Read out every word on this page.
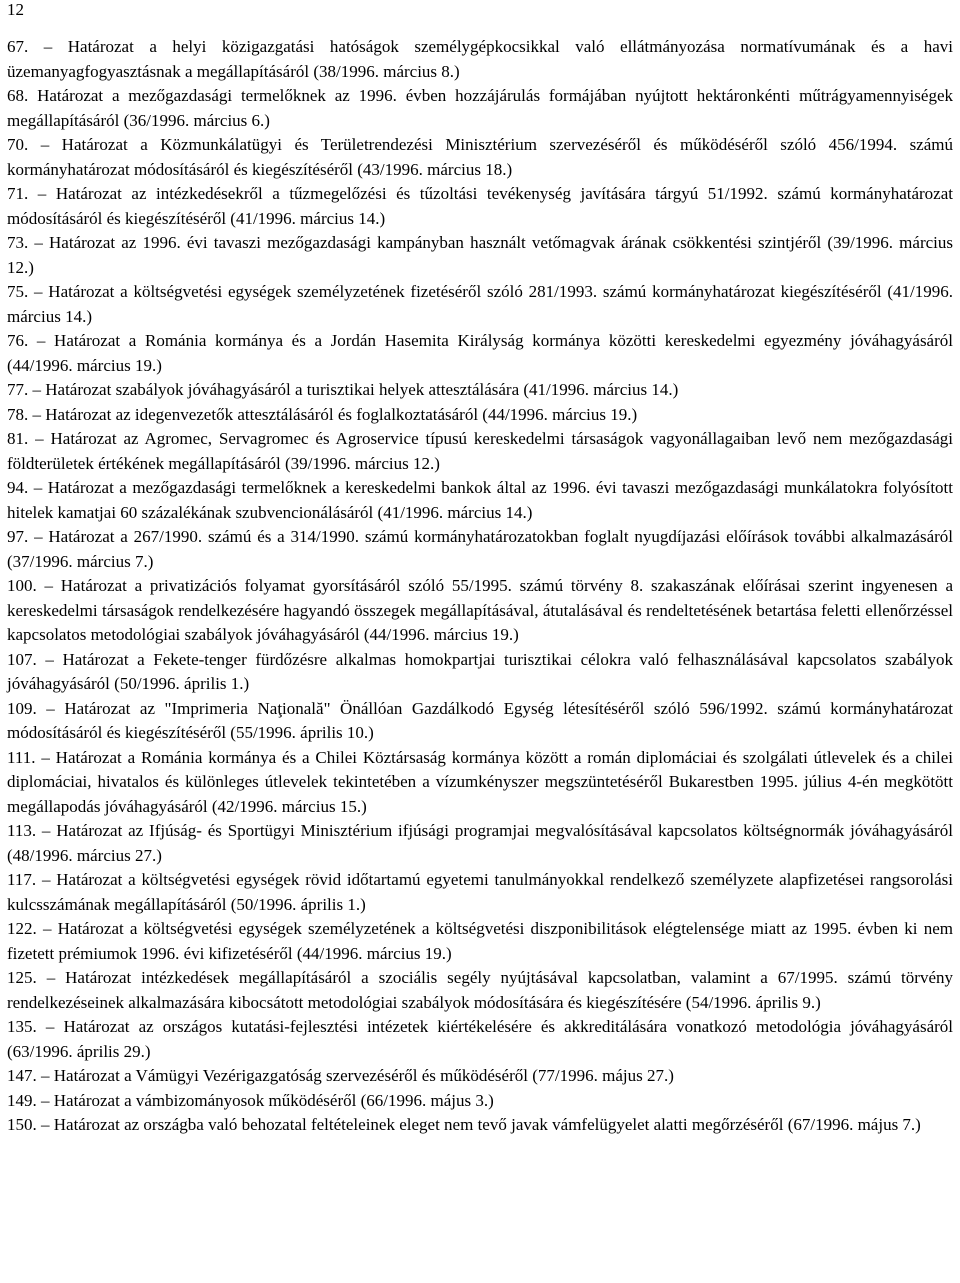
12

67. – Határozat a helyi közigazgatási hatóságok személygépkocsikkal való ellátmányozása normatívumának és a havi üzemanyagfogyasztásnak a megállapításáról (38/1996. március 8.)

68. Határozat a mezőgazdasági termelőknek az 1996. évben hozzájárulás formájában nyújtott hektáronkénti műtrágyamennyiségek megállapításáról (36/1996. március 6.)

70. – Határozat a Közmunkálatügyi és Területrendezési Minisztérium szervezéséről és működéséről szóló 456/1994. számú kormányhatározat módosításáról és kiegészítéséről (43/1996. március 18.)

71. – Határozat az intézkedésekről a tűzmegelőzési és tűzoltási tevékenység javítására tárgyú 51/1992. számú kormányhatározat módosításáról és kiegészítéséről (41/1996. március 14.)

73. – Határozat az 1996. évi tavaszi mezőgazdasági kampányban használt vetőmagvak árának csökkentési szintjéről (39/1996. március 12.)

75. – Határozat a költségvetési egységek személyzetének fizetéséről szóló 281/1993. számú kormányhatározat kiegészítéséről (41/1996. március 14.)

76. – Határozat a Románia kormánya és a Jordán Hasemita Királyság kormánya közötti kereskedelmi egyezmény jóváhagyásáról (44/1996. március 19.)

77. – Határozat szabályok jóváhagyásáról a turisztikai helyek attesztálására (41/1996. március 14.)

78. – Határozat az idegenvezetők attesztálásáról és foglalkoztatásáról (44/1996. március 19.)

81. – Határozat az Agromec, Servagromec és Agroservice típusú kereskedelmi társaságok vagyonállagaiban levő nem mezőgazdasági földterületek értékének megállapításáról (39/1996. március 12.)

94. – Határozat a mezőgazdasági termelőknek a kereskedelmi bankok által az 1996. évi tavaszi mezőgazdasági munkálatokra folyósított hitelek kamatjai 60 százalékának szubvencionálásáról (41/1996. március 14.)

97. – Határozat a 267/1990. számú és a 314/1990. számú kormányhatározatokban foglalt nyugdíjazási előírások további alkalmazásáról (37/1996. március 7.)

100. – Határozat a privatizációs folyamat gyorsításáról szóló 55/1995. számú törvény 8. szakaszának előírásai szerint ingyenesen a kereskedelmi társaságok rendelkezésére hagyandó összegek megállapításával, átutalásával és rendeltetésének betartása feletti ellenőrzéssel kapcsolatos metodológiai szabályok jóváhagyásáról (44/1996. március 19.)

107. – Határozat a Fekete-tenger fürdőzésre alkalmas homokpartjai turisztikai célokra való felhasználásával kapcsolatos szabályok jóváhagyásáról (50/1996. április 1.)

109. – Határozat az "Imprimeria Naţională" Önállóan Gazdálkodó Egység létesítéséről szóló 596/1992. számú kormányhatározat módosításáról és kiegészítéséről (55/1996. április 10.)

111. – Határozat a Románia kormánya és a Chilei Köztársaság kormánya között a román diplomáciai és szolgálati útlevelek és a chilei diplomáciai, hivatalos és különleges útlevelek tekintetében a vízumkényszer megszüntetéséről Bukarestben 1995. július 4-én megkötött megállapodás jóváhagyásáról (42/1996. március 15.)

113. – Határozat az Ifjúság- és Sportügyi Minisztérium ifjúsági programjai megvalósításával kapcsolatos költségnormák jóváhagyásáról (48/1996. március 27.)

117. – Határozat a költségvetési egységek rövid időtartamú egyetemi tanulmányokkal rendelkező személyzete alapfizetései rangsorolási kulcsszámának megállapításáról (50/1996. április 1.)

122. – Határozat a költségvetési egységek személyzetének a költségvetési diszponibilitások elégtelensége miatt az 1995. évben ki nem fizetett prémiumok 1996. évi kifizetéséről (44/1996. március 19.)

125. – Határozat intézkedések megállapításáról a szociális segély nyújtásával kapcsolatban, valamint a 67/1995. számú törvény rendelkezéseinek alkalmazására kibocsátott metodológiai szabályok módosítására és kiegészítésére (54/1996. április 9.)

135. – Határozat az országos kutatási-fejlesztési intézetek kiértékelésére és akkreditálására vonatkozó metodológia jóváhagyásáról (63/1996. április 29.)

147. – Határozat a Vámügyi Vezérigazgatóság szervezéséről és működéséről (77/1996. május 27.)

149. – Határozat a vámbizományosok működéséről (66/1996. május 3.)

150. – Határozat az országba való behozatal feltételeinek eleget nem tevő javak vámfelügyelet alatti megőrzéséről (67/1996. május 7.)
